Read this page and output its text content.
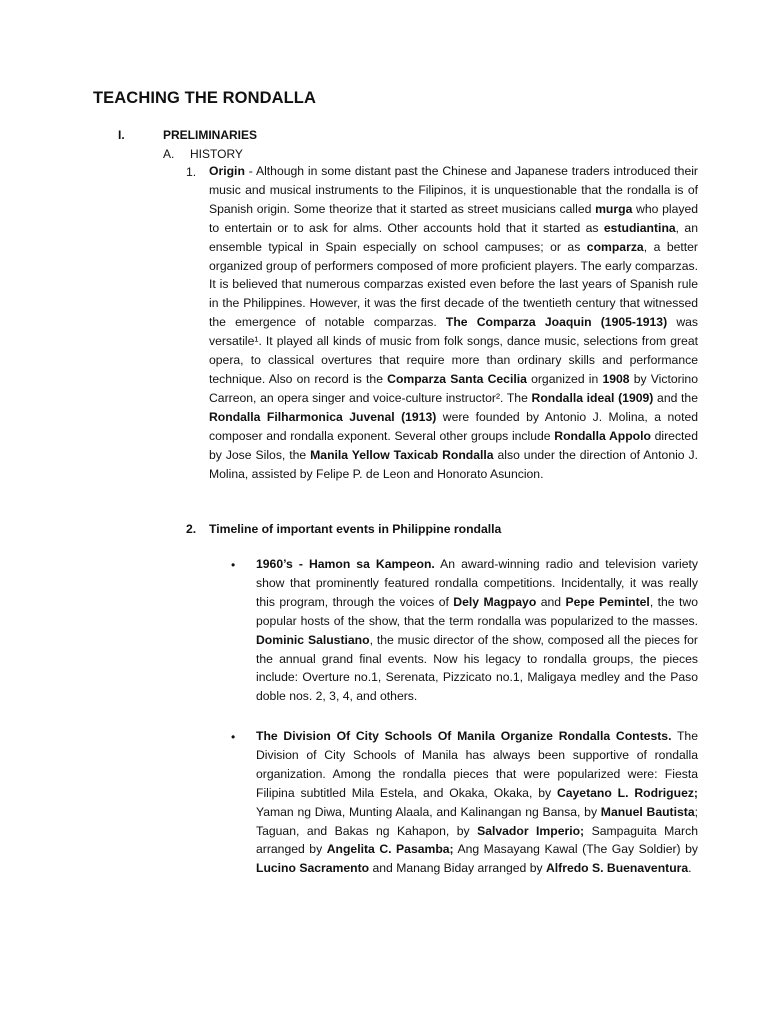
TEACHING THE RONDALLA
I.	PRELIMINARIES
A. HISTORY
1. Origin - Although in some distant past the Chinese and Japanese traders introduced their music and musical instruments to the Filipinos, it is unquestionable that the rondalla is of Spanish origin. Some theorize that it started as street musicians called murga who played to entertain or to ask for alms. Other accounts hold that it started as estudiantina, an ensemble typical in Spain especially on school campuses; or as comparza, a better organized group of performers composed of more proficient players. The early comparzas. It is believed that numerous comparzas existed even before the last years of Spanish rule in the Philippines. However, it was the first decade of the twentieth century that witnessed the emergence of notable comparzas. The Comparza Joaquin (1905-1913) was versatile¹. It played all kinds of music from folk songs, dance music, selections from great opera, to classical overtures that require more than ordinary skills and performance technique. Also on record is the Comparza Santa Cecilia organized in 1908 by Victorino Carreon, an opera singer and voice-culture instructor². The Rondalla ideal (1909) and the Rondalla Filharmonica Juvenal (1913) were founded by Antonio J. Molina, a noted composer and rondalla exponent. Several other groups include Rondalla Appolo directed by Jose Silos, the Manila Yellow Taxicab Rondalla also under the direction of Antonio J. Molina, assisted by Felipe P. de Leon and Honorato Asuncion.

2. Timeline of important events in Philippine rondalla
• 1960’s - Hamon sa Kampeon. An award-winning radio and television variety show that prominently featured rondalla competitions. Incidentally, it was really this program, through the voices of Dely Magpayo and Pepe Pemintel, the two popular hosts of the show, that the term rondalla was popularized to the masses. Dominic Salustiano, the music director of the show, composed all the pieces for the annual grand final events. Now his legacy to rondalla groups, the pieces include: Overture no.1, Serenata, Pizzicato no.1, Maligaya medley and the Paso doble nos. 2, 3, 4, and others.

• The Division Of City Schools Of Manila Organize Rondalla Contests. The Division of City Schools of Manila has always been supportive of rondalla organization. Among the rondalla pieces that were popularized were: Fiesta Filipina subtitled Mila Estela, and Okaka, Okaka, by Cayetano L. Rodriguez; Yaman ng Diwa, Munting Alaala, and Kalinangan ng Bansa, by Manuel Bautista; Taguan, and Bakas ng Kahapon, by Salvador Imperio; Sampaguita March arranged by Angelita C. Pasamba; Ang Masayang Kawal (The Gay Soldier) by Lucino Sacramento and Manang Biday arranged by Alfredo S. Buenaventura.
